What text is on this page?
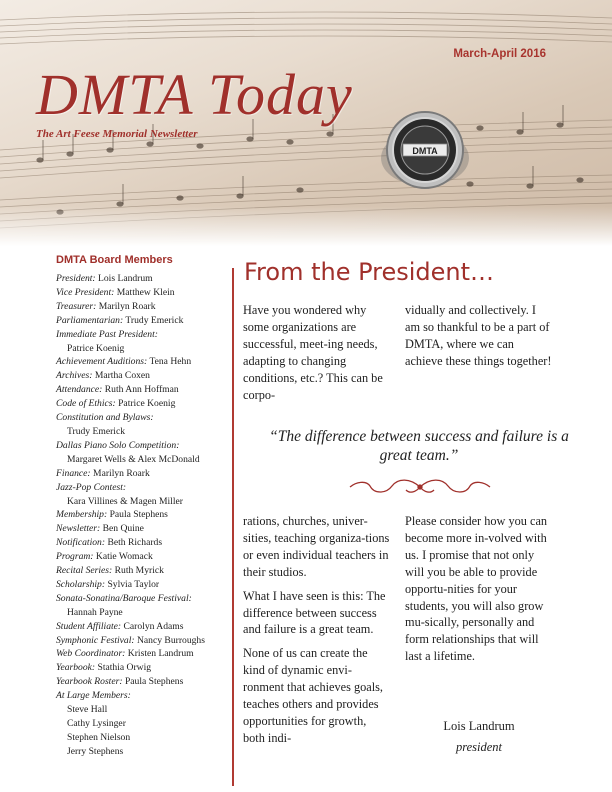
DMTA
March-April 2016
DMTA Today
The Art Feese Memorial Newsletter
DMTA Board Members
President: Lois Landrum
Vice President: Matthew Klein
Treasurer: Marilyn Roark
Parliamentarian: Trudy Emerick
Immediate Past President:
Patrice Koenig
Achievement Auditions: Tena Hehn
Archives: Martha Coxen
Attendance: Ruth Ann Hoffman
Code of Ethics: Patrice Koenig
Constitution and Bylaws:
Trudy Emerick
Dallas Piano Solo Competition:
Margaret Wells & Alex McDonald
Finance: Marilyn Roark
Jazz-Pop Contest:
Kara Villines & Magen Miller
Membership: Paula Stephens
Newsletter: Ben Quine
Notification: Beth Richards
Program: Katie Womack
Recital Series: Ruth Myrick
Scholarship: Sylvia Taylor
Sonata-Sonatina/Baroque Festival:
Hannah Payne
Student Affiliate: Carolyn Adams
Symphonic Festival: Nancy Burroughs
Web Coordinator: Kristen Landrum
Yearbook: Stathia Orwig
Yearbook Roster: Paula Stephens
At Large Members:
Steve Hall
Cathy Lysinger
Stephen Nielson
Jerry Stephens
From the President…

Have you wondered why some organizations are successful, meet-ing needs, adapting to changing conditions, etc.? This can be corpo-

vidually and collectively. I am so thankful to be a part of DMTA, where we can achieve these things together!

“The difference between success and failure is a great team.”

rations, churches, univer-sities, teaching organiza-tions or even individual teachers in their studios.

What I have seen is this: The difference between success and failure is a great team.

None of us can create the kind of dynamic envi-ronment that achieves goals, teaches others and provides opportunities for growth, both indi-

Please consider how you can become more in-volved with us. I promise that not only will you be able to provide opportu-nities for your students, you will also grow mu-sically, personally and form relationships that will last a lifetime.

Lois Landrum
president
